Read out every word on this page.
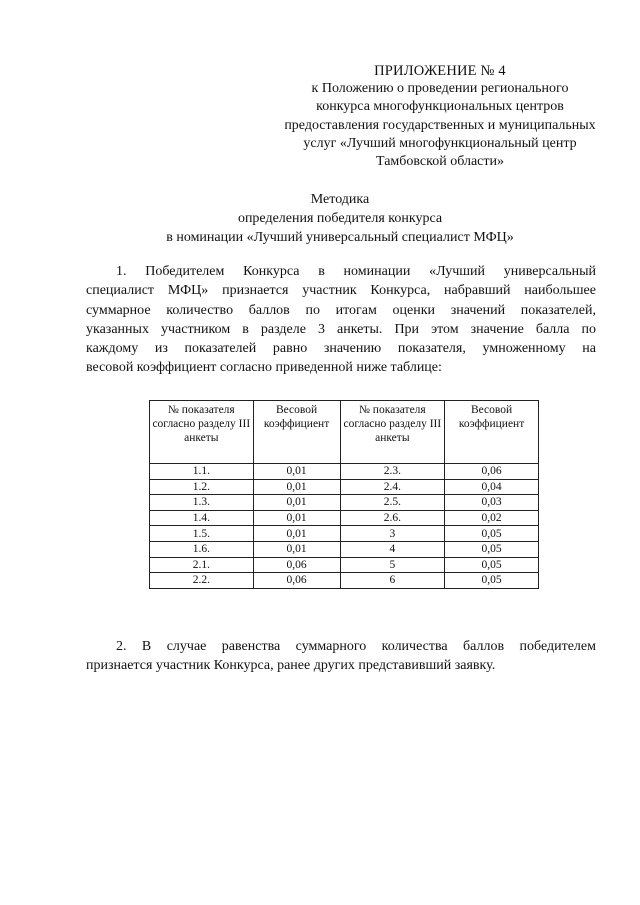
ПРИЛОЖЕНИЕ № 4
к Положению о проведении регионального
конкурса многофункциональных центров
предоставления государственных и муниципальных
услуг «Лучший многофункциональный центр
Тамбовской области»
Методика
определения победителя конкурса
в номинации «Лучший универсальный специалист МФЦ»
1. Победителем Конкурса в номинации «Лучший универсальный
специалист МФЦ» признается участник Конкурса, набравший наибольшее
суммарное количество баллов по итогам оценки значений показателей,
указанных участником в разделе 3 анкеты. При этом значение балла по
каждому из показателей равно значению показателя, умноженному на
весовой коэффициент согласно приведенной ниже таблице:
№ показателя согласно разделу III анкеты	Весовой коэффициент	№ показателя согласно разделу III анкеты	Весовой коэффициент
1.1.	0,01	2.3.	0,06
1.2.	0,01	2.4.	0,04
1.3.	0,01	2.5.	0,03
1.4.	0,01	2.6.	0,02
1.5.	0,01	3	0,05
1.6.	0,01	4	0,05
2.1.	0,06	5	0,05
2.2.	0,06	6	0,05
2. В случае равенства суммарного количества баллов победителем
признается участник Конкурса, ранее других представивший заявку.
